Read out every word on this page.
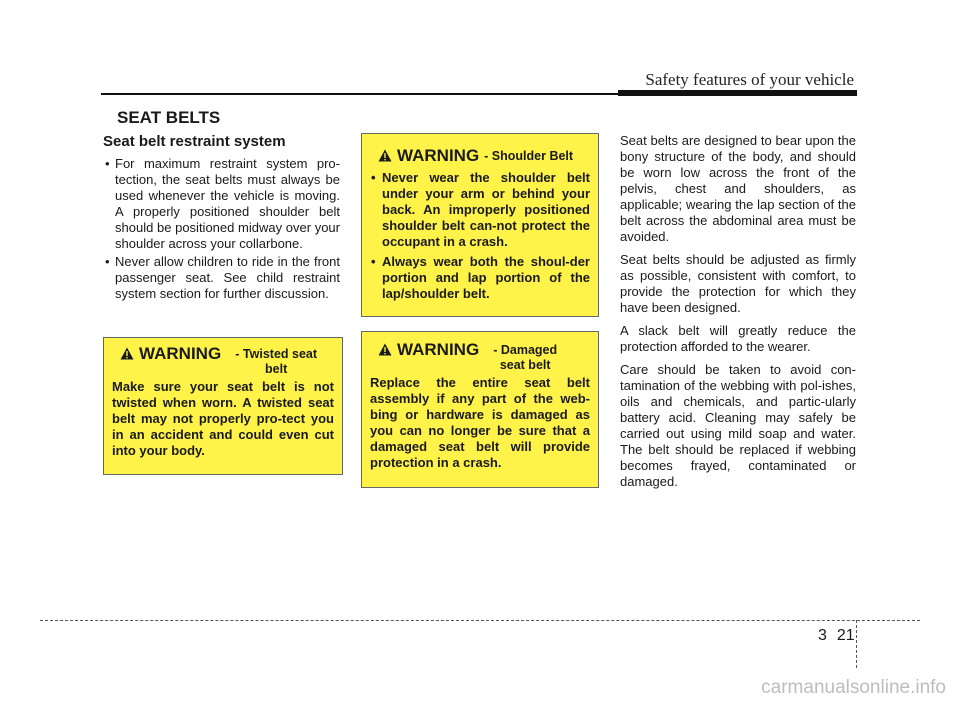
Safety features of your vehicle
SEAT BELTS
Seat belt restraint system
• For maximum restraint system pro-tection, the seat belts must always be used whenever the vehicle is moving. A properly positioned shoulder belt should be positioned midway over your shoulder across your collarbone.
• Never allow children to ride in the front passenger seat. See child restraint system section for further discussion.
WARNING	- Twisted seat belt
Make sure your seat belt is not twisted when worn. A twisted seat belt may not properly pro-tect you in an accident and could even cut into your body.
WARNING - Shoulder Belt
• Never wear the shoulder belt under your arm or behind your back. An improperly positioned shoulder belt can-not protect the occupant in a crash.
• Always wear both the shoul-der portion and lap portion of the lap/shoulder belt.
WARNING	- Damaged seat belt
Replace the entire seat belt assembly if any part of the web-bing or hardware is damaged as you can no longer be sure that a damaged seat belt will provide protection in a crash.

Seat belts are designed to bear upon the bony structure of the body, and should be worn low across the front of the pelvis, chest and shoulders, as applicable; wearing the lap section of the belt across the abdominal area must be avoided.

Seat belts should be adjusted as firmly as possible, consistent with comfort, to provide the protection for which they have been designed.

A slack belt will greatly reduce the protection afforded to the wearer.

Care should be taken to avoid con-tamination of the webbing with pol-ishes, oils and chemicals, and partic-ularly battery acid. Cleaning may safely be carried out using mild soap and water. The belt should be replaced if webbing becomes frayed, contaminated or damaged.

3 21
carmanualsonline.info
